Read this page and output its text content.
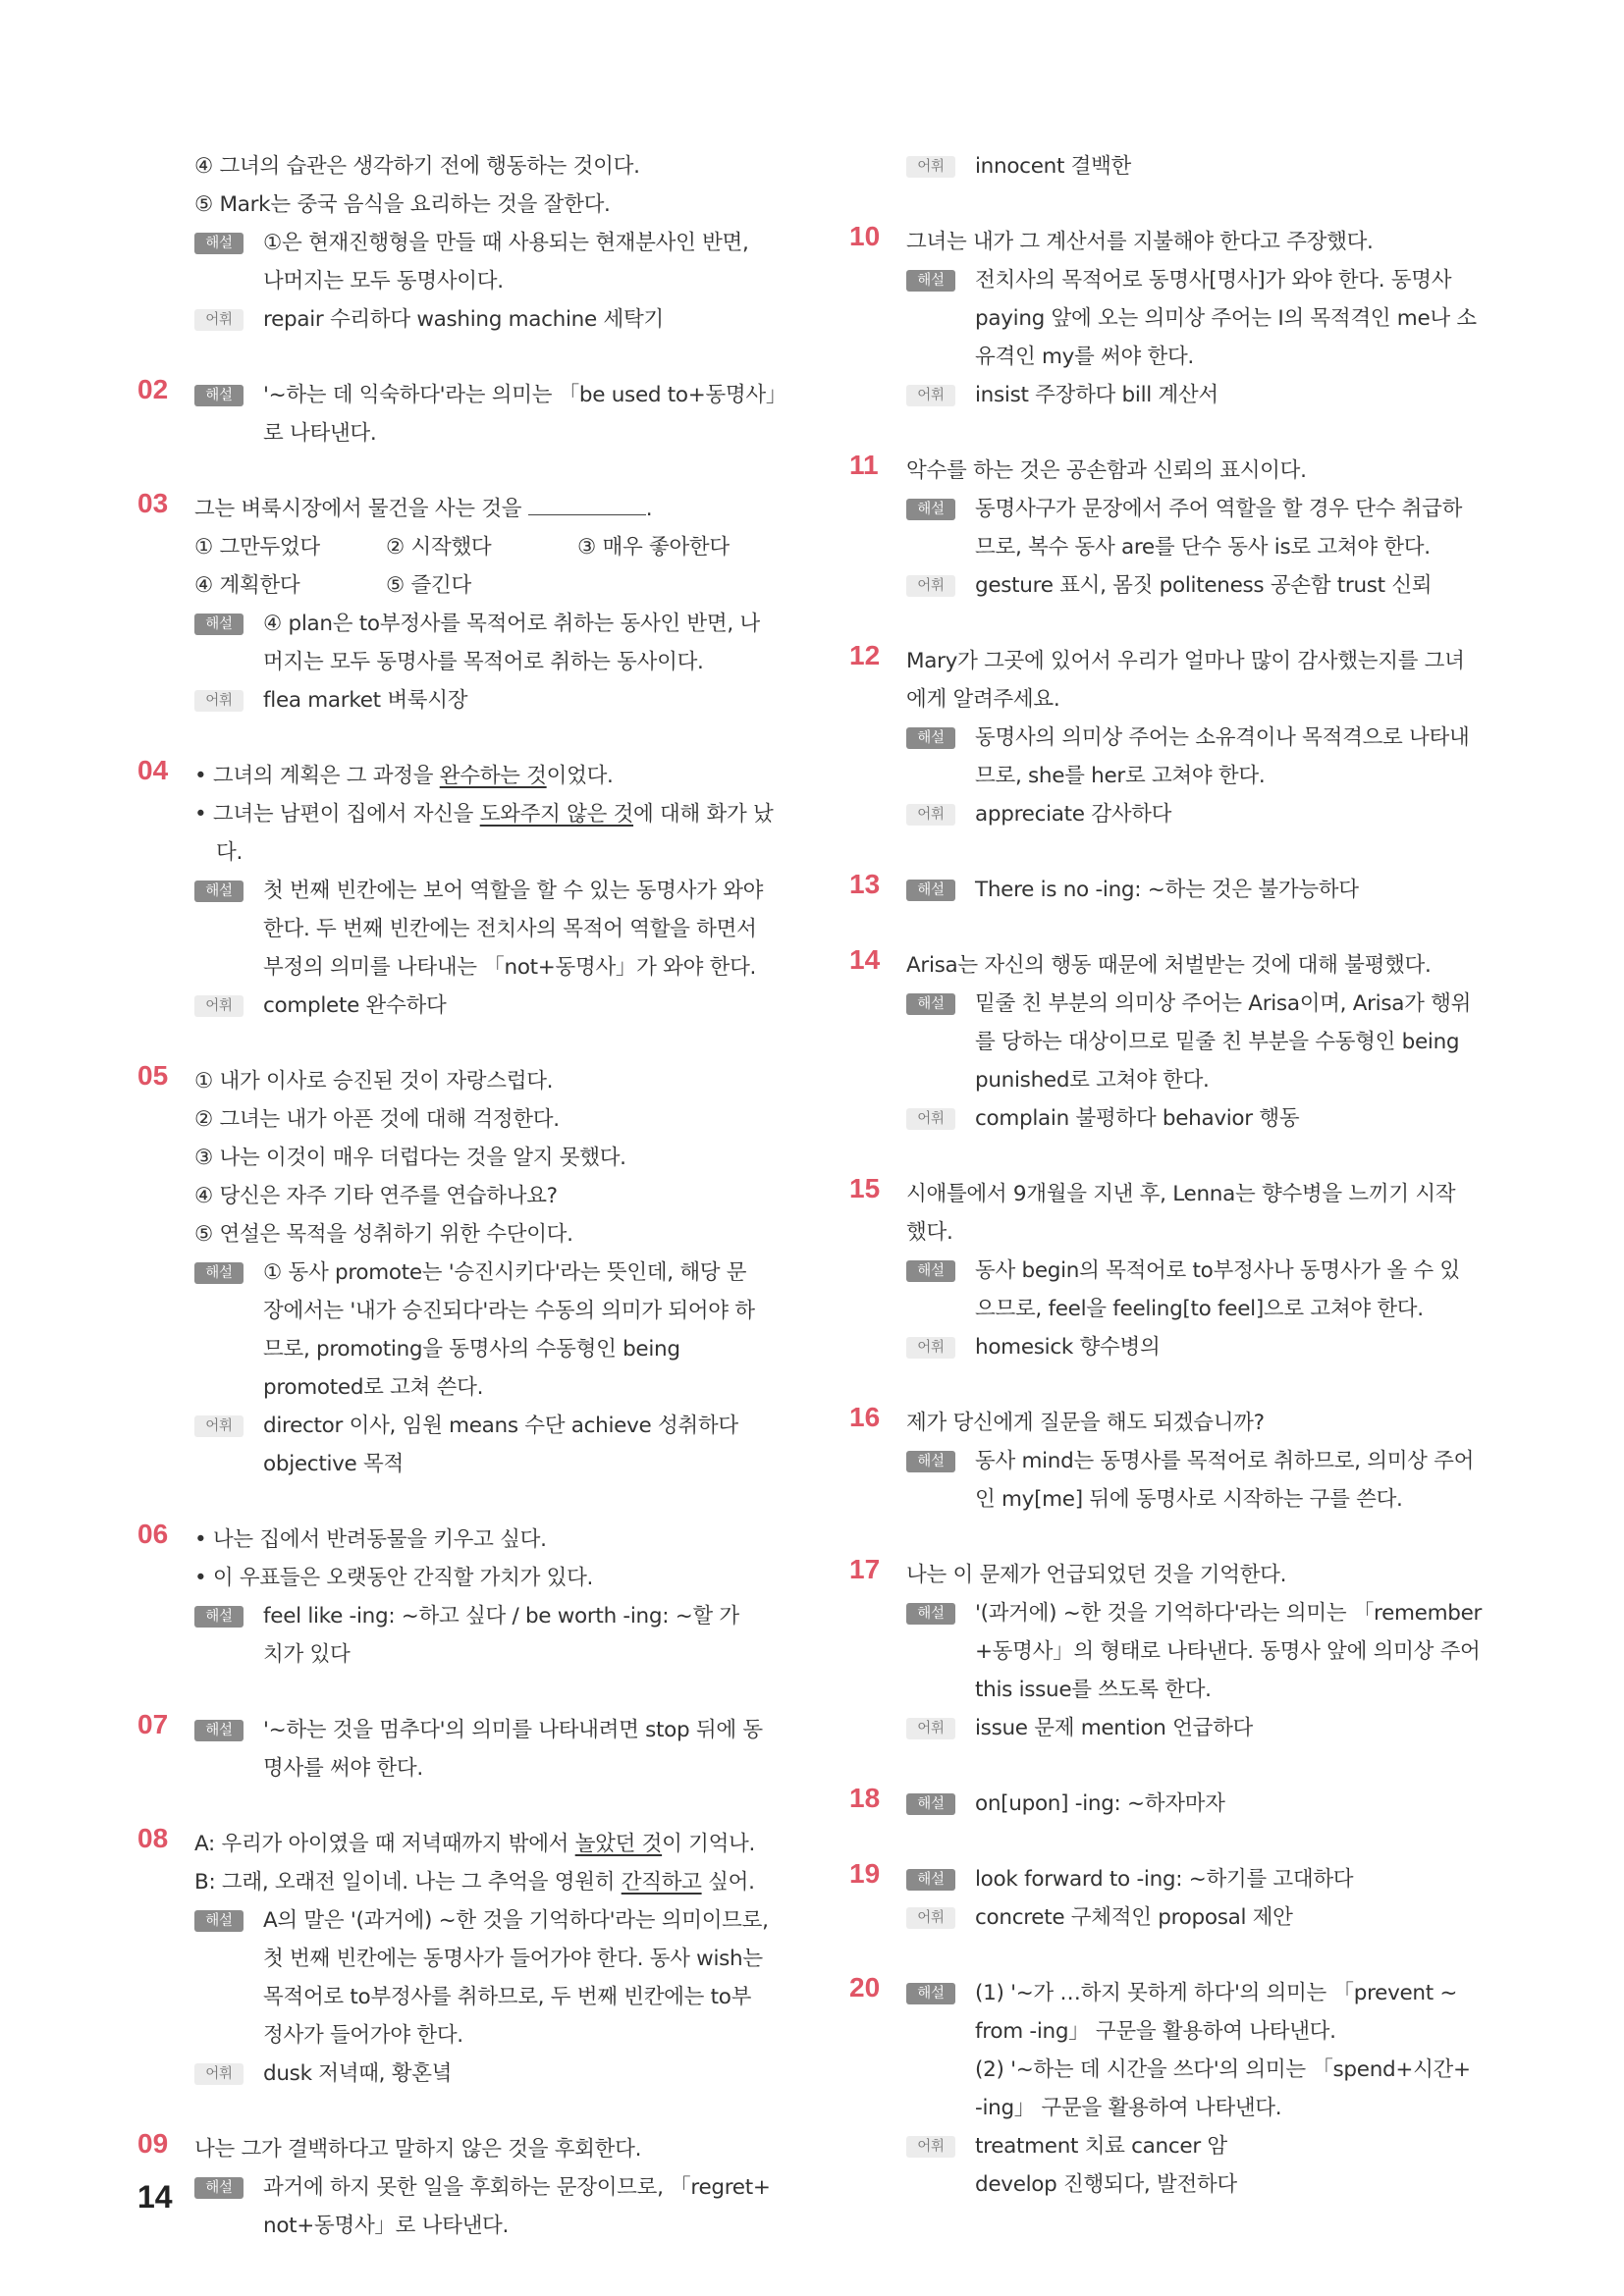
④ 그녀의 습관은 생각하기 전에 행동하는 것이다.
⑤ Mark는 중국 음식을 요리하는 것을 잘한다.
해설	①은 현재진행형을 만들 때 사용되는 현재분사인 반면,
나머지는 모두 동명사이다.
어휘	repair 수리하다 washing machine 세탁기
02	해설	'~하는 데 익숙하다'라는 의미는 「be used to+동명사」
로 나타낸다.
03 그는 벼룩시장에서 물건을 사는 것을	.
① 그만두었다	② 시작했다	③ 매우 좋아한다
④ 계획한다	⑤ 즐긴다
해설	④ plan은 to부정사를 목적어로 취하는 동사인 반면, 나
머지는 모두 동명사를 목적어로 취하는 동사이다.
어휘	flea market 벼룩시장
04 • 그녀의 계획은 그 과정을 완수하는 것이었다.
• 그녀는 남편이 집에서 자신을 도와주지 않은 것에 대해 화가 났다.
해설	첫 번째 빈칸에는 보어 역할을 할 수 있는 동명사가 와야
한다. 두 번째 빈칸에는 전치사의 목적어 역할을 하면서
부정의 의미를 나타내는 「not+동명사」가 와야 한다.
어휘	complete 완수하다
05 ① 내가 이사로 승진된 것이 자랑스럽다.
② 그녀는 내가 아픈 것에 대해 걱정한다.
③ 나는 이것이 매우 더럽다는 것을 알지 못했다.
④ 당신은 자주 기타 연주를 연습하나요?
⑤ 연설은 목적을 성취하기 위한 수단이다.
해설	① 동사 promote는 '승진시키다'라는 뜻인데, 해당 문
장에서는 '내가 승진되다'라는 수동의 의미가 되어야 하
므로, promoting을 동명사의 수동형인 being
promoted로 고쳐 쓴다.
어휘	director 이사, 임원 means 수단 achieve 성취하다
objective 목적
06 • 나는 집에서 반려동물을 키우고 싶다.
• 이 우표들은 오랫동안 간직할 가치가 있다.
해설	feel like -ing: ~하고 싶다 / be worth -ing: ~할 가
치가 있다
07	해설	'~하는 것을 멈추다'의 의미를 나타내려면 stop 뒤에 동
명사를 써야 한다.
08 A: 우리가 아이였을 때 저녁때까지 밖에서 놀았던 것이 기억나.
B: 그래, 오래전 일이네. 나는 그 추억을 영원히 간직하고 싶어.
해설	A의 말은 '(과거에) ~한 것을 기억하다'라는 의미이므로,
첫 번째 빈칸에는 동명사가 들어가야 한다. 동사 wish는
목적어로 to부정사를 취하므로, 두 번째 빈칸에는 to부
정사가 들어가야 한다.
어휘	dusk 저녁때, 황혼녘
09 나는 그가 결백하다고 말하지 않은 것을 후회한다.
해설	과거에 하지 못한 일을 후회하는 문장이므로, 「regret+
not+동명사」로 나타낸다.
어휘	innocent 결백한
10 그녀는 내가 그 계산서를 지불해야 한다고 주장했다.
해설	전치사의 목적어로 동명사[명사]가 와야 한다. 동명사
paying 앞에 오는 의미상 주어는 I의 목적격인 me나 소
유격인 my를 써야 한다.
어휘	insist 주장하다 bill 계산서
11 악수를 하는 것은 공손함과 신뢰의 표시이다.
해설	동명사구가 문장에서 주어 역할을 할 경우 단수 취급하
므로, 복수 동사 are를 단수 동사 is로 고쳐야 한다.
어휘	gesture 표시, 몸짓 politeness 공손함 trust 신뢰
12 Mary가 그곳에 있어서 우리가 얼마나 많이 감사했는지를 그녀
에게 알려주세요.
해설	동명사의 의미상 주어는 소유격이나 목적격으로 나타내
므로, she를 her로 고쳐야 한다.
어휘	appreciate 감사하다
13	해설	There is no -ing: ~하는 것은 불가능하다
14 Arisa는 자신의 행동 때문에 처벌받는 것에 대해 불평했다.
해설	밑줄 친 부분의 의미상 주어는 Arisa이며, Arisa가 행위
를 당하는 대상이므로 밑줄 친 부분을 수동형인 being
punished로 고쳐야 한다.
어휘	complain 불평하다 behavior 행동
15 시애틀에서 9개월을 지낸 후, Lenna는 향수병을 느끼기 시작
했다.
해설	동사 begin의 목적어로 to부정사나 동명사가 올 수 있
으므로, feel을 feeling[to feel]으로 고쳐야 한다.
어휘	homesick 향수병의
16 제가 당신에게 질문을 해도 되겠습니까?
해설	동사 mind는 동명사를 목적어로 취하므로, 의미상 주어
인 my[me] 뒤에 동명사로 시작하는 구를 쓴다.
17 나는 이 문제가 언급되었던 것을 기억한다.
해설	'(과거에) ~한 것을 기억하다'라는 의미는 「remember
+동명사」의 형태로 나타낸다. 동명사 앞에 의미상 주어
this issue를 쓰도록 한다.
어휘	issue 문제 mention 언급하다
18	해설	on[upon] -ing: ~하자마자
19	해설	look forward to -ing: ~하기를 고대하다
어휘	concrete 구체적인 proposal 제안
20	해설	(1) '~가 …하지 못하게 하다'의 의미는 「prevent ~
from -ing」 구문을 활용하여 나타낸다.
(2) '~하는 데 시간을 쓰다'의 의미는 「spend+시간+
-ing」 구문을 활용하여 나타낸다.
어휘	treatment 치료 cancer 암
develop 진행되다, 발전하다
14
